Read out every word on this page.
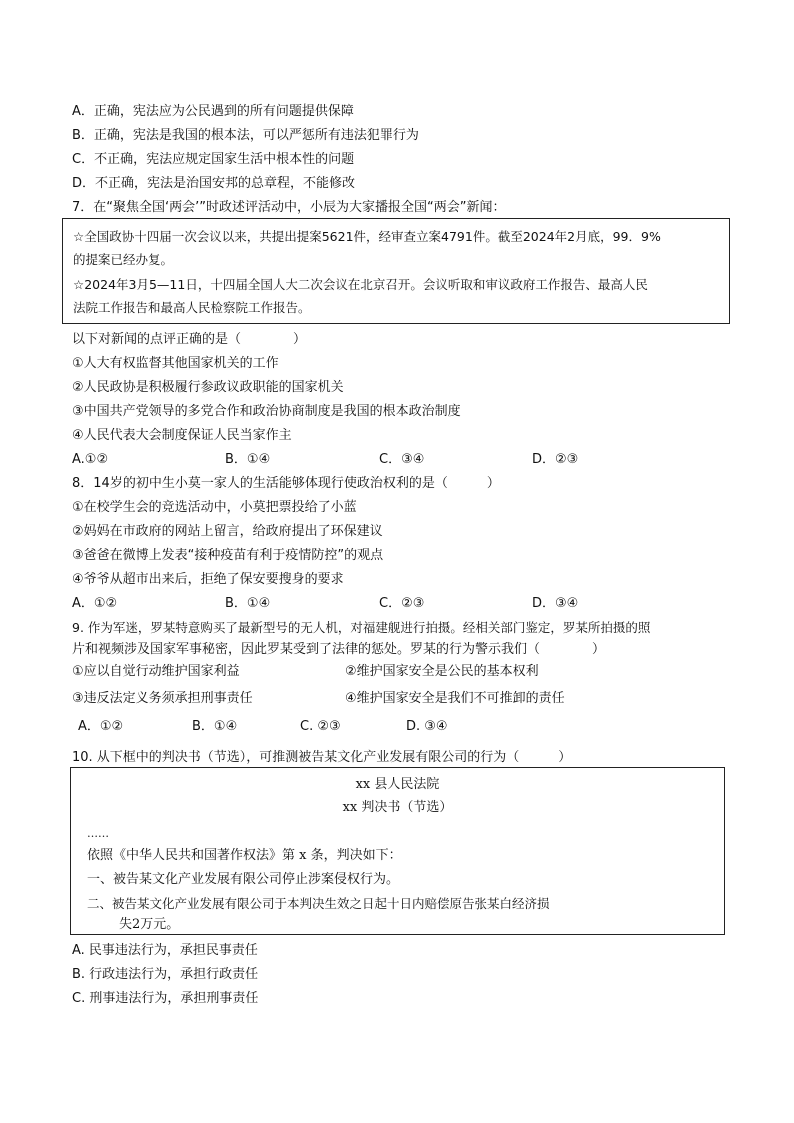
A．正确，宪法应为公民遇到的所有问题提供保障
B．正确，宪法是我国的根本法，可以严惩所有违法犯罪行为
C．不正确，宪法应规定国家生活中根本性的问题
D．不正确，宪法是治国安邦的总章程，不能修改
7．在“聚焦全国‘两会’”时政述评活动中，小辰为大家播报全国“两会”新闻：
☆全国政协十四届一次会议以来，共提出提案5621件，经审查立案4791件。截至2024年2月底，99．9%
的提案已经办复。
☆2024年3月5—11日，十四届全国人大二次会议在北京召开。会议听取和审议政府工作报告、最高人民
法院工作报告和最高人民检察院工作报告。
以下对新闻的点评正确的是（　　　　）
①人大有权监督其他国家机关的工作
②人民政协是积极履行参政议政职能的国家机关
③中国共产党领导的多党合作和政治协商制度是我国的根本政治制度
④人民代表大会制度保证人民当家作主
A.①②	B．①④	C．③④	D．②③
8．14岁的初中生小莫一家人的生活能够体现行使政治权利的是（　　　）
①在校学生会的竞选活动中，小莫把票投给了小蓝
②妈妈在市政府的网站上留言，给政府提出了环保建议
③爸爸在微博上发表“接种疫苗有利于疫情防控”的观点
④爷爷从超市出来后，拒绝了保安要搜身的要求
A．①②	B．①④	C．②③	D．③④
9. 作为军迷，罗某特意购买了最新型号的无人机，对福建舰进行拍摄。经相关部门鉴定，罗某所拍摄的照
片和视频涉及国家军事秘密，因此罗某受到了法律的惩处。罗某的行为警示我们（　　　　）
①应以自觉行动维护国家利益	②维护国家安全是公民的基本权利
③违反法定义务须承担刑事责任	④维护国家安全是我们不可推卸的责任
A．①②	B．①④	C. ②③	D. ③④
10. 从下框中的判决书（节选），可推测被告某文化产业发展有限公司的行为（　　　）
xx 县人民法院
xx 判决书（节选）
……
依照《中华人民共和国著作权法》第 x 条，判决如下：
一、被告某文化产业发展有限公司停止涉案侵权行为。
二、被告某文化产业发展有限公司于本判决生效之日起十日内赔偿原告张某白经济损
失2万元。
A. 民事违法行为，承担民事责任
B. 行政违法行为，承担行政责任
C. 刑事违法行为，承担刑事责任
